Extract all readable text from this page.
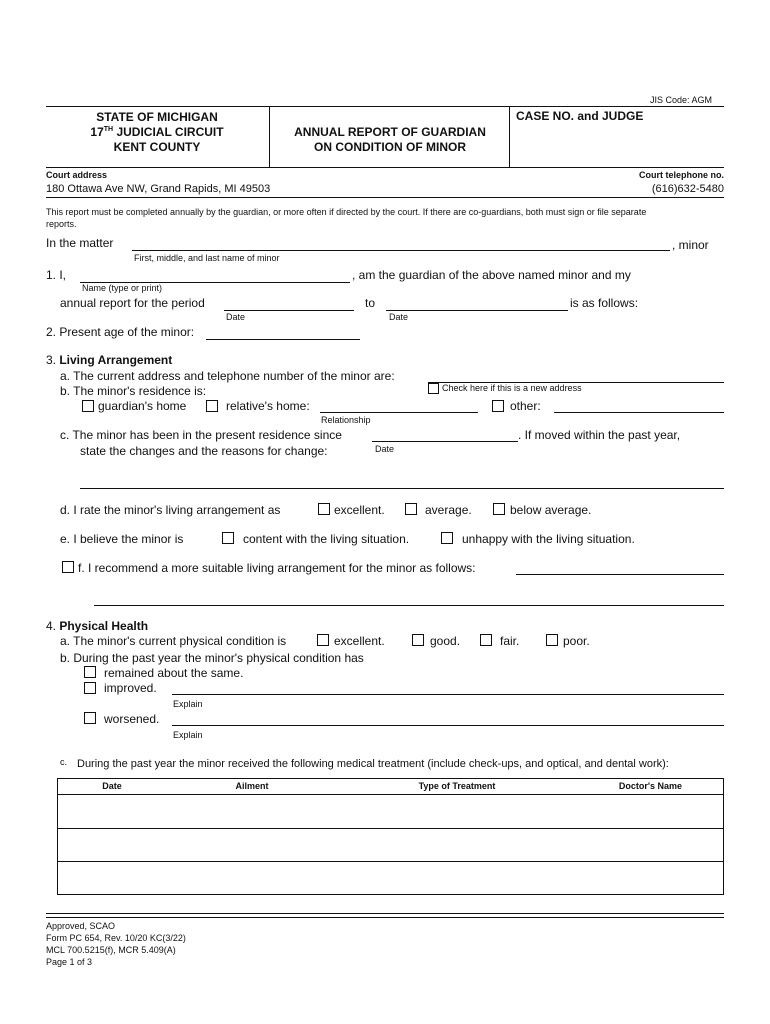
JIS Code: AGM
STATE OF MICHIGAN
17TH JUDICIAL CIRCUIT
KENT COUNTY
ANNUAL REPORT OF GUARDIAN
ON CONDITION OF MINOR
CASE NO. and JUDGE
Court address	Court telephone no.
180 Ottawa Ave NW, Grand Rapids, MI 49503	(616)632-5480
This report must be completed annually by the guardian, or more often if directed by the court. If there are co-guardians, both must sign or file separate
reports.
In the matter	, minor
First, middle, and last name of minor
1. I,	, am the guardian of the above named minor and my
Name (type or print)
annual report for the period	to	is as follows:
Date	Date
2. Present age of the minor:
3. Living Arrangement
a. The current address and telephone number of the minor are:
b. The minor's residence is:	Check here if this is a new address
guardian's home	relative's home:
Relationship
other:
c. The minor has been in the present residence since	. If moved within the past year,
state the changes and the reasons for change:	Date
d. I rate the minor's living arrangement as	excellent.	average.	below average.
e. I believe the minor is	content with the living situation.	unhappy with the living situation.
f. I recommend a more suitable living arrangement for the minor as follows:
4. Physical Health
a. The minor's current physical condition is	excellent.	good.	fair.	poor.
b. During the past year the minor's physical condition has
remained about the same.
improved.
Explain
worsened.
Explain
c. During the past year the minor received the following medical treatment (include check-ups, and optical, and dental work):
Date	Ailment	Type of Treatment	Doctor's Name
Approved, SCAO
Form PC 654, Rev. 10/20 KC(3/22)
MCL 700.5215(f), MCR 5.409(A)
Page 1 of 3
